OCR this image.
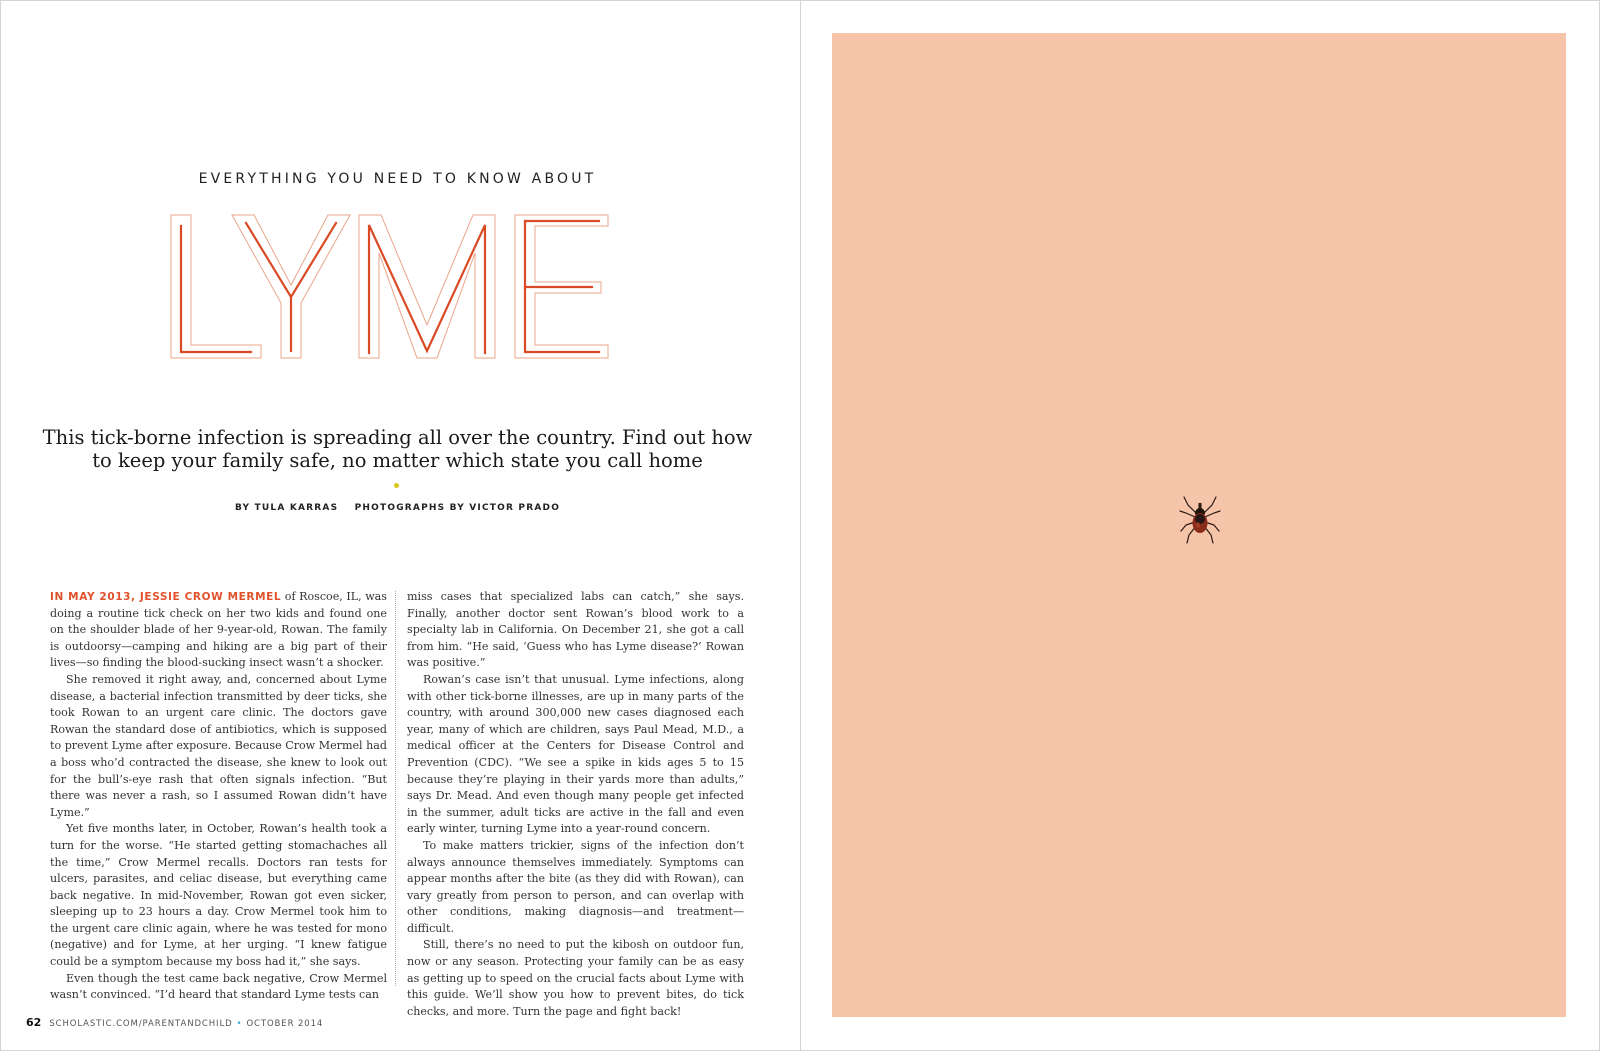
EVERYTHING YOU NEED TO KNOW ABOUT
This tick-borne infection is spreading all over the country. Find out how to keep your family safe, no matter which state you call home
BY TULA KARRAS PHOTOGRAPHS BY VICTOR PRADO

IN MAY 2013, JESSIE CROW MERMEL of Roscoe, IL, was doing a routine tick check on her two kids and found one on the shoulder blade of her 9-year-old, Rowan. The family is outdoorsy—camping and hiking are a big part of their lives—so finding the blood-sucking insect wasn’t a shocker.

She removed it right away, and, concerned about Lyme disease, a bacterial infection transmitted by deer ticks, she took Rowan to an urgent care clinic. The doctors gave Rowan the standard dose of antibiotics, which is supposed to prevent Lyme after exposure. Because Crow Mermel had a boss who’d contracted the disease, she knew to look out for the bull’s-eye rash that often signals infection. “But there was never a rash, so I assumed Rowan didn’t have Lyme.”

Yet five months later, in October, Rowan’s health took a turn for the worse. “He started getting stomachaches all the time,” Crow Mermel recalls. Doctors ran tests for ulcers, parasites, and celiac disease, but everything came back negative. In mid-November, Rowan got even sicker, sleeping up to 23 hours a day. Crow Mermel took him to the urgent care clinic again, where he was tested for mono (negative) and for Lyme, at her urging. “I knew fatigue could be a symptom because my boss had it,” she says.

Even though the test came back negative, Crow Mermel wasn’t convinced. “I’d heard that standard Lyme tests can

miss cases that specialized labs can catch,” she says. Finally, another doctor sent Rowan’s blood work to a specialty lab in California. On December 21, she got a call from him. “He said, ‘Guess who has Lyme disease?’ Rowan was positive.”

Rowan’s case isn’t that unusual. Lyme infections, along with other tick-borne illnesses, are up in many parts of the country, with around 300,000 new cases diagnosed each year, many of which are children, says Paul Mead, M.D., a medical officer at the Centers for Disease Control and Prevention (CDC). “We see a spike in kids ages 5 to 15 because they’re playing in their yards more than adults,” says Dr. Mead. And even though many people get infected in the summer, adult ticks are active in the fall and even early winter, turning Lyme into a year-round concern.

To make matters trickier, signs of the infection don’t always announce themselves immediately. Symptoms can appear months after the bite (as they did with Rowan), can vary greatly from person to person, and can overlap with other conditions, making diagnosis—and treatment—difficult.

Still, there’s no need to put the kibosh on outdoor fun, now or any season. Protecting your family can be as easy as getting up to speed on the crucial facts about Lyme with this guide. We’ll show you how to prevent bites, do tick checks, and more. Turn the page and fight back!

62 SCHOLASTIC.COM/PARENTANDCHILD • OCTOBER 2014
